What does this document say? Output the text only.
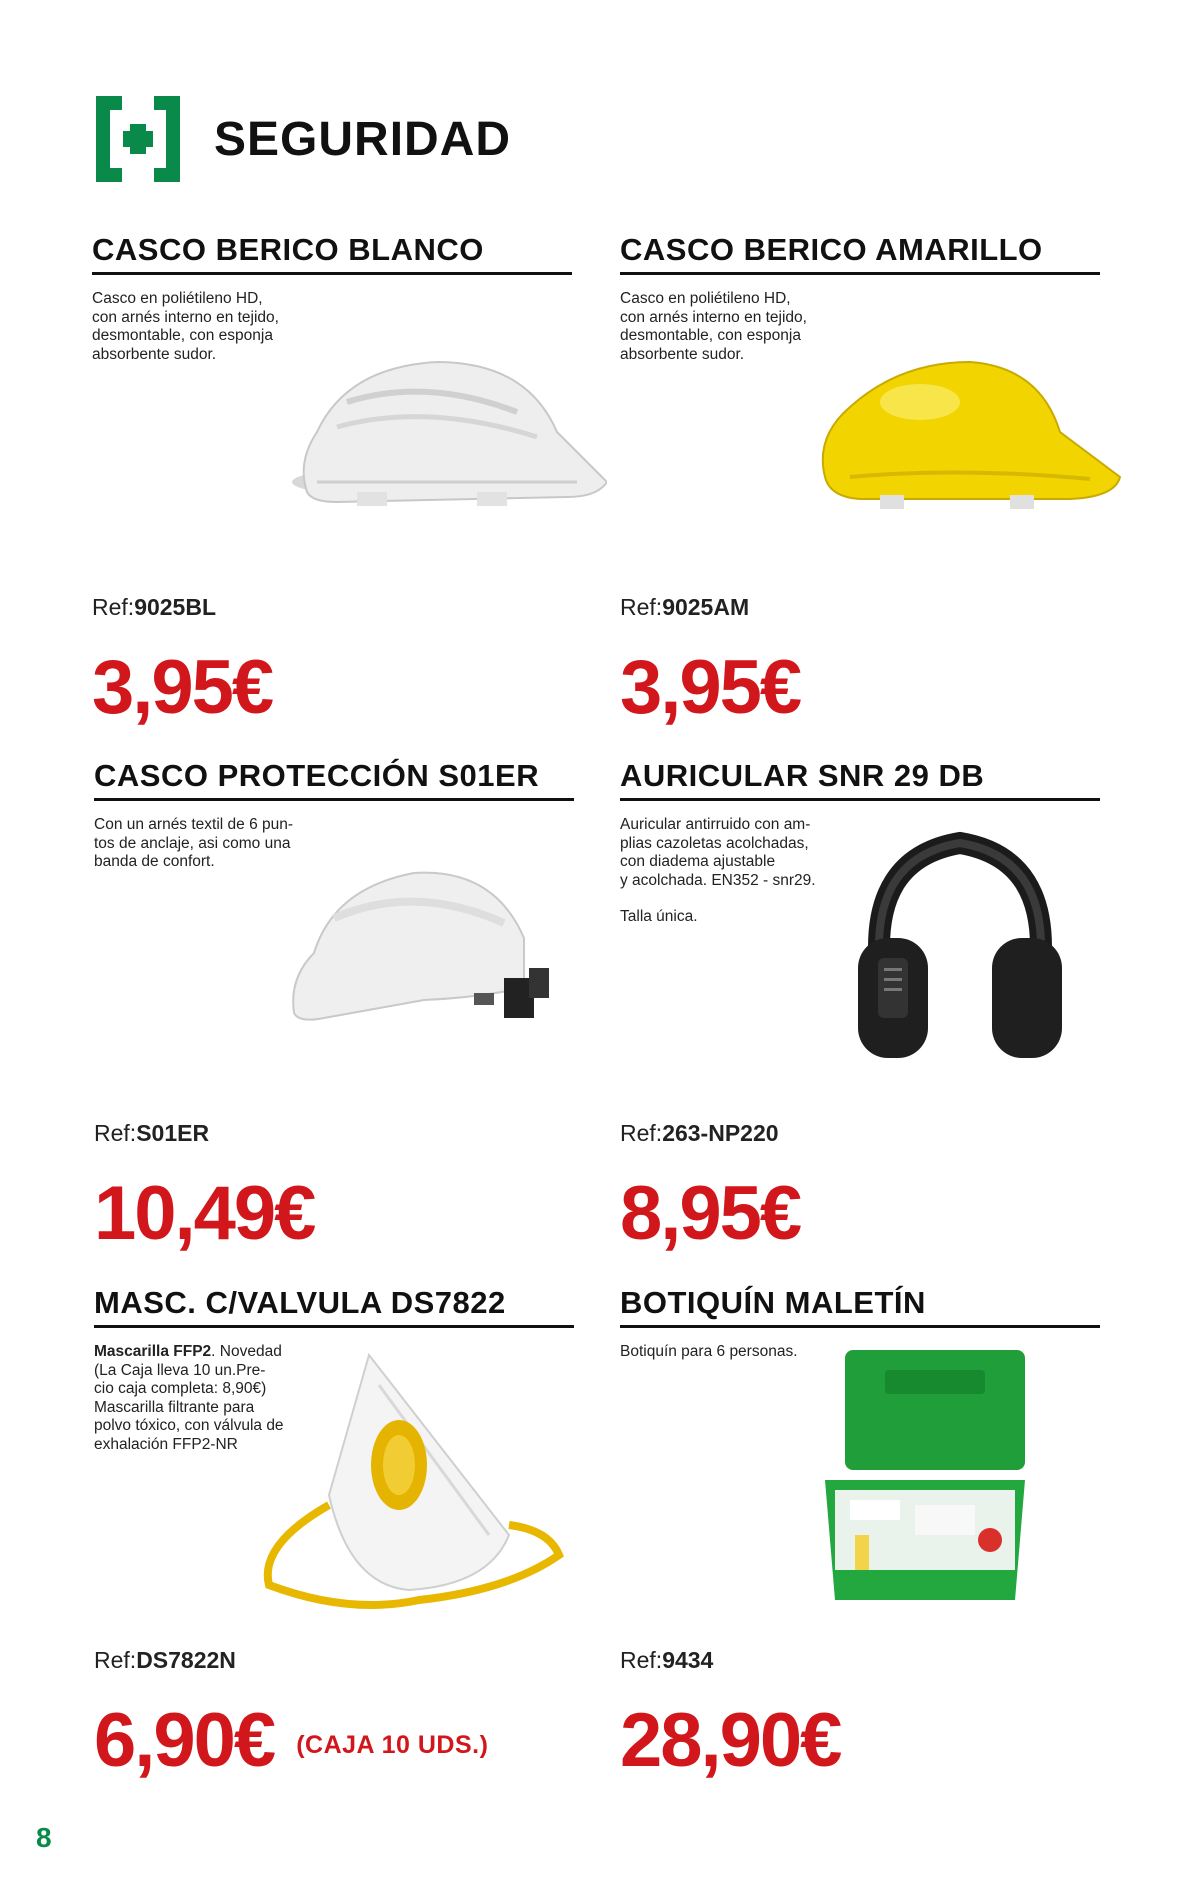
SEGURIDAD
CASCO BERICO BLANCO
Casco en poliétileno HD,
con arnés interno en tejido,
desmontable, con esponja
absorbente sudor.
Ref:9025BL
3,95€
CASCO BERICO AMARILLO
Casco en poliétileno HD,
con arnés interno en tejido,
desmontable, con esponja
absorbente sudor.
Ref:9025AM
3,95€
CASCO PROTECCIÓN S01ER
Con un arnés textil de 6 pun-
tos de anclaje, asi como una
banda de confort.
Ref:S01ER
10,49€
AURICULAR SNR 29 DB
Auricular antirruido con am-
plias cazoletas acolchadas,
con diadema ajustable
y acolchada. EN352 - snr29.
Talla única.
Ref:263-NP220
8,95€
MASC. C/VALVULA DS7822
Mascarilla FFP2. Novedad
(La Caja lleva 10 un.Pre-
cio caja completa: 8,90€)
Mascarilla filtrante para
polvo tóxico, con válvula de
exhalación FFP2-NR
Ref:DS7822N
6,90€ (CAJA 10 UDS.)
BOTIQUÍN MALETÍN
Botiquín para 6 personas.
Ref:9434
28,90€
8
